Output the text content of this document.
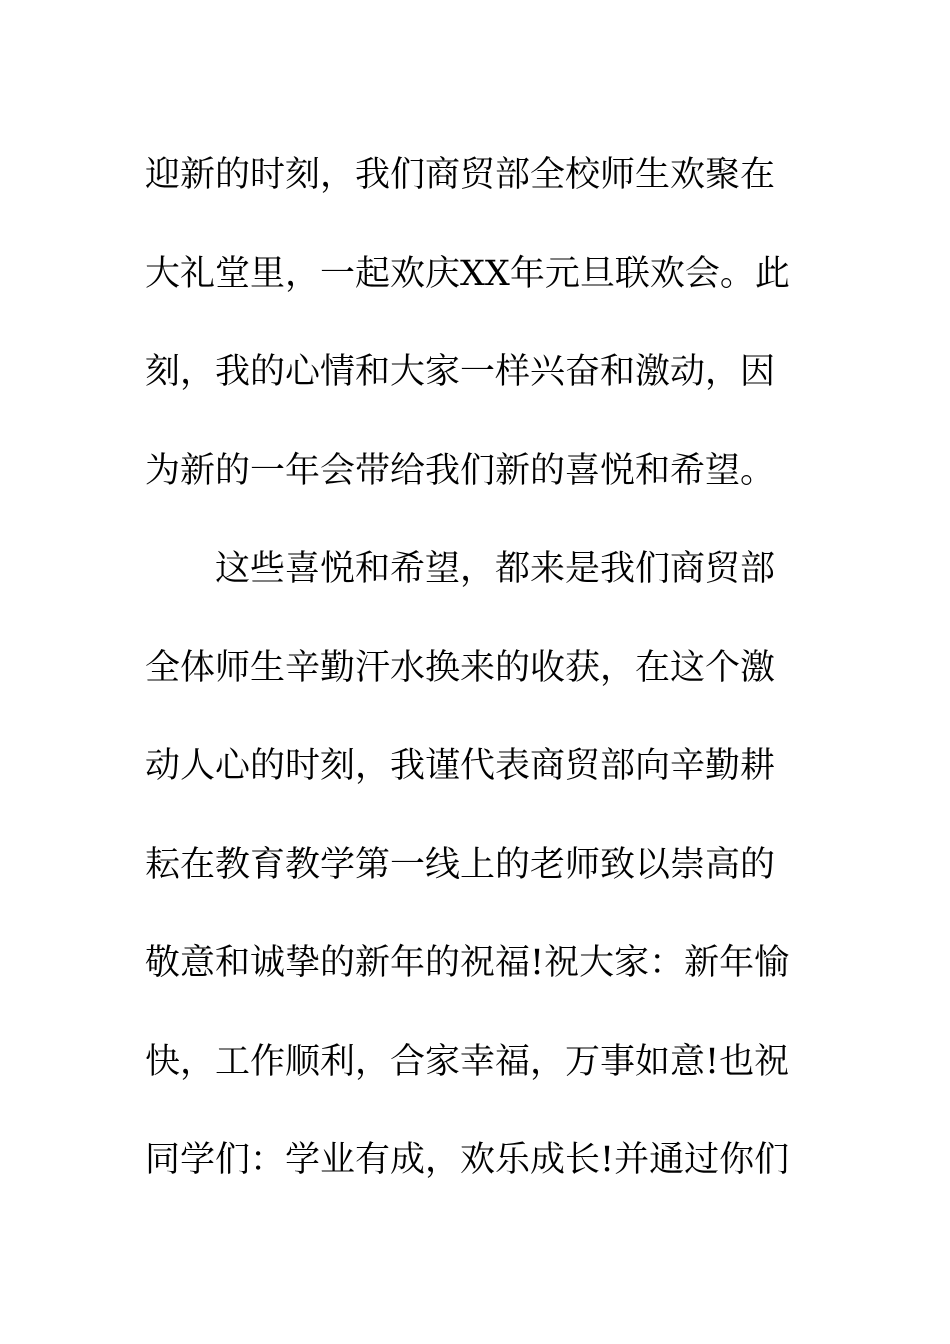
迎新的时刻，我们商贸部全校师生欢聚在
大礼堂里，一起欢庆XX年元旦联欢会。此
刻，我的心情和大家一样兴奋和激动，因
为新的一年会带给我们新的喜悦和希望。
这些喜悦和希望，都来是我们商贸部
全体师生辛勤汗水换来的收获，在这个激
动人心的时刻，我谨代表商贸部向辛勤耕
耘在教育教学第一线上的老师致以崇高的
敬意和诚挚的新年的祝福!祝大家：新年愉
快，工作顺利，合家幸福，万事如意!也祝
同学们：学业有成，欢乐成长!并通过你们
